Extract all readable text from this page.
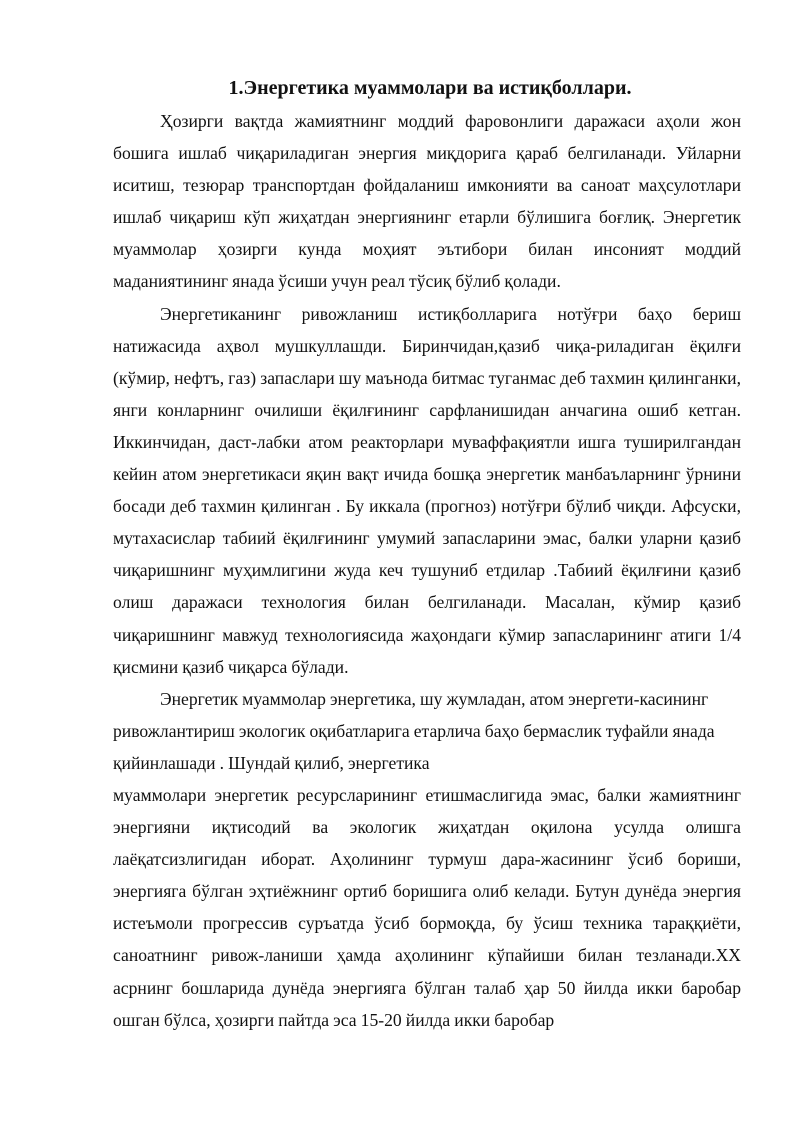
1.Энергетика муаммолари ва истиқболлари.

Ҳозирги вақтда жамиятнинг моддий фаровонлиги даражаси аҳоли жон бошига ишлаб чиқариладиган энергия миқдорига қараб белгиланади. Уйларни иситиш, тезюрар транспортдан фойдаланиш имконияти ва саноат маҳсулотлари ишлаб чиқариш кўп жиҳатдан энергиянинг етарли бўлишига боғлиқ. Энергетик муаммолар ҳозирги кунда моҳият эътибори билан инсоният моддий маданиятининг янада ўсиши учун реал тўсиқ бўлиб қолади.

Энергетиканинг ривожланиш истиқболларига нотўғри баҳо бериш натижасида аҳвол мушкуллашди. Биринчидан,қазиб чиқа-риладиган ёқилғи (кўмир, нефтъ, газ) запаслари шу маънода битмас туганмас деб тахмин қилинганки, янги конларнинг очилиши ёқилғининг сарфланишидан анчагина ошиб кетган. Иккинчидан, даст-лабки атом реакторлари муваффақиятли ишга туширилгандан кейин атом энергетикаси яқин вақт ичида бошқа энергетик манбаъларнинг ўрнини босади деб тахмин қилинган . Бу иккала (прогноз) нотўғри бўлиб чиқди. Афсуски, мутахасислар табиий ёқилғининг умумий запасларини эмас, балки уларни қазиб чиқаришнинг муҳимлигини жуда кеч тушуниб етдилар .Табиий ёқилғини қазиб олиш даражаси технология билан белгиланади. Масалан, кўмир қазиб чиқаришнинг мавжуд технологиясида жаҳондаги кўмир запасларининг атиги 1/4 қисмини қазиб чиқарса бўлади.

Энергетик муаммолар энергетика, шу жумладан, атом энергети-касининг ривожлантириш экологик оқибатларига етарлича баҳо бермаслик туфайли янада қийинлашади . Шундай қилиб, энергетика

муаммолари энергетик ресурсларининг етишмаслигида эмас, балки жамиятнинг энергияни иқтисодий ва экологик жиҳатдан оқилона усулда олишга лаёқатсизлигидан иборат. Аҳолининг турмуш дара-жасининг ўсиб бориши, энергияга бўлган эҳтиёжнинг ортиб боришига олиб келади. Бутун дунёда энергия истеъмоли прогрессив суръатда ўсиб бормоқда, бу ўсиш техника тараққиёти, саноатнинг ривож-ланиши ҳамда аҳолининг кўпайиши билан тезланади.XX асрнинг бошларида дунёда энергияга бўлган талаб ҳар 50 йилда икки баробар ошган бўлса, ҳозирги пайтда эса 15-20 йилда икки баробар
